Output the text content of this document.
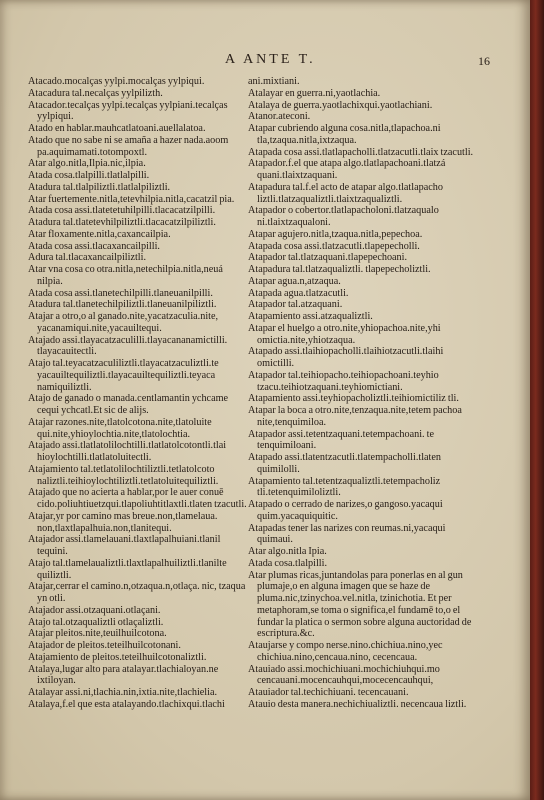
A ANTE T.	16

Atacado.mocalças yylpi.mocalças yylpiqui.

Atacadura tal.necalças yylpilizth.

Atacador.tecalças yylpi.tecalças yylpiani.tecalças yylpiqui.

Atado en hablar.mauhcatlatoani.auellalatoa.

Atado que no sabe ni se amaña a hazer nada.aoom pa.aquimamati.totompoxtl.

Atar algo.nitla,Ilpia.nic,ilpia.

Atada cosa.tlalpilli.tlatlalpilli.

Atadura tal.tlalpiliztli.tlatlalpiliztli.

Atar fuertemente.nitla,tetevhilpia.nitla,cacatzil pia.

Atada cosa assi.tlatetetuhilpilli.tlacacatzilpilli.

Atadura tal.tlatetevhilpiliztli.tlacacatzilpiliztli.

Atar floxamente.nitla,caxancailpia.

Atada cosa assi.tlacaxancailpilli.

Adura tal.tlacaxancailpiliztli.

Atar vna cosa co otra.nitla,netechilpia.nitla,neuá nilpia.

Atada cosa assi.tlanetechilpilli.tlaneuanilpilli.

Atadura tal.tlanetechilpiliztli.tlaneuanilpiliztli.

Atajar a otro,o al ganado.nite,yacatzaculia.nite, yacanamiqui.nite,yacauiltequi.

Atajado assi.tlayacatzaculilli.tlayacananamictilli. tlayacauitectli.

Atajo tal.teyacatzaculiliztli.tlayacatzaculiztli.te yacauiltequiliztli.tlayacauiltequiliztli.teyaca namiquiliztli.

Atajo de ganado o manada.centlamantin ychcame cequi ychcatl.Et sic de alijs.

Atajar razones.nite,tlatolcotona.nite,tlatoluite qui.nite,yhioylochtia.nite,tlatolochtia.

Atajado assi.tlatlatolilochtilli.tlatlatolcotontli.tlai hioylochtilli.tlatlatoluitectli.

Atajamiento tal.tetlatolilochtiliztli.tetlatolcoto naliztli.teihioylochtiliztli.tetlatoluitequiliztli.

Atajado que no acierta a hablar,por le auer conuē cido.poliuhtiuetzqui.tlapoliuhtitlaxtli.tlaten tzacutli.

Atajar,yr por camino mas breue.non,tlamelaua. non,tlaxtlapalhuia.non,tlanitequi.

Atajador assi.tlamelauani.tlaxtlapalhuiani.tlanil tequini.

Atajo tal.tlamelaualiztli.tlaxtlapalhuiliztli.tlanilte quiliztli.

Atajar,cerrar el camino.n,otzaqua.n,otlaça. nic, tzaqua yn otli.

Atajador assi.otzaquani.otlaçani.

Atajo tal.otzaqualiztli otlaçaliztli.

Atajar pleitos.nite,teuilhuilcotona.

Atajador de pleitos.teteilhuilcotonani.

Atajamiento de pleitos.teteilhuilcotonaliztli.

Atalaya,lugar alto para atalayar.tlachialoyan.ne ixtiloyan.

Atalayar assi.ni,tlachia.nin,ixtia.nite,tlachielia.

Atalaya,f.el que esta atalayando.tlachixqui.tlachi

ani.mixtiani.

Atalayar en guerra.ni,yaotlachia.

Atalaya de guerra.yaotlachixqui.yaotlachiani.

Atanor.ateconi.

Atapar cubriendo alguna cosa.nitla,tlapachoa.ni tla,tzaqua.nitla,ixtzaqua.

Atapada cosa assi.tlatlapacholli.tlatzacutli.tlaix tzacutli.

Atapador.f.el que atapa algo.tlatlapachoani.tlatzá quani.tlaixtzaquani.

Atapadura tal.f.el acto de atapar algo.tlatlapacho liztli.tlatzaqualiztli.tlaixtzaqualiztli.

Atapador o cobertor.tlatlapacholoni.tlatzaqualo ni.tlaixtzaqualoni.

Atapar agujero.nitla,tzaqua.nitla,pepechoa.

Atapada cosa assi.tlatzacutli.tlapepecholli.

Atapador tal.tlatzaquani.tlapepechoani.

Atapadura tal.tlatzaqualiztli. tlapepecholiztli.

Atapar agua.n,atzaqua.

Atapada agua.tlatzacutli.

Atapador tal.atzaquani.

Atapamiento assi.atzaqualiztli.

Atapar el huelgo a otro.nite,yhiopachoa.nite,yhi omictia.nite,yhiotzaqua.

Atapado assi.tlaihiopacholli.tlaihiotzacutli.tlaihi omictilli.

Atapador tal.teihiopacho.teihiopachoani.teyhio tzacu.teihiotzaquani.teyhiomictiani.

Atapamiento assi.teyhiopacholiztli.teihiomictiliz tli.

Atapar la boca a otro.nite,tenzaqua.nite,tetem pachoa nite,tenquimiloa.

Atapador assi.tetentzaquani.tetempachoani. te tenquimiloani.

Atapado assi.tlatentzacutli.tlatempacholli.tlaten quimilolli.

Atapamiento tal.tetentzaqualiztli.tetempacholiz tli.tetenquimiloliztli.

Atapado o cerrado de narizes,o gangoso.yacaqui quim.yacaquiquitic.

Atapadas tener las narizes con reumas.ni,yacaqui quimaui.

Atar algo.nitla Ipia.

Atada cosa.tlalpilli.

Atar plumas ricas,juntandolas para ponerlas en al gun plumaje,o en alguna imagen que se haze de pluma.nic,tzinychoa.vel.nitla, tzinichotia. Et per metaphoram,se toma o significa,el fundamē to,o el fundar la platica o sermon sobre alguna auctoridad de escriptura.&c.

Ataujarse y compo nerse.nino.chichiua.nino,yec chichiua.nino,cencaua.nino, cecencaua.

Atauiado assi.mochichiuani.mochichiuhqui.mo cencauani.mocencauhqui,mocecencauhqui,

Atauiador tal.techichiuani. tecencauani.

Atauio desta manera.nechichiualiztli. necencaua liztli.
